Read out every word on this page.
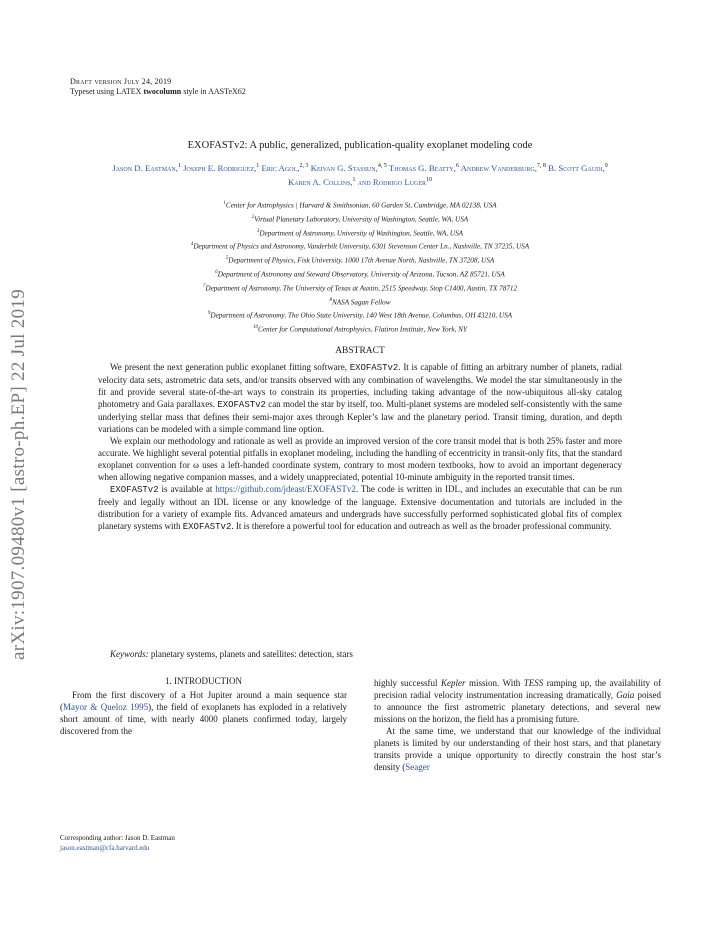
Draft version July 24, 2019
Typeset using LATEX twocolumn style in AASTeX62
arXiv:1907.09480v1 [astro-ph.EP] 22 Jul 2019
EXOFASTv2: A public, generalized, publication-quality exoplanet modeling code
Jason D. Eastman,$^1$ Joseph E. Rodriguez,$^1$ Eric Agol,$^{2, 3}$ Keivan G. Stassun,$^{4, 5}$ Thomas G. Beatty,$^6$ Andrew Vanderburg,$^{7, 8}$ B. Scott Gaudi,$^9$ Karen A. Collins,$^1$ and Rodrigo Luger$^{10}$
$^1$Center for Astrophysics | Harvard & Smithsonian, 60 Garden St, Cambridge, MA 02138, USA
$^2$Virtual Planetary Laboratory, University of Washington, Seattle, WA, USA
$^3$Department of Astronomy, University of Washington, Seattle, WA, USA
$^4$Department of Physics and Astronomy, Vanderbilt University, 6301 Stevenson Center Ln., Nashville, TN 37235, USA
$^5$Department of Physics, Fisk University, 1000 17th Avenue North, Nashville, TN 37208, USA
$^6$Department of Astronomy and Steward Observatory, University of Arizona, Tucson, AZ 85721, USA
$^7$Department of Astronomy, The University of Texas at Austin, 2515 Speedway, Stop C1400, Austin, TX 78712
$^8$NASA Sagan Fellow
$^9$Department of Astronomy, The Ohio State University, 140 West 18th Avenue, Columbus, OH 43210, USA
$^{10}$Center for Computational Astrophysics, Flatiron Institute, New York, NY
ABSTRACT

We present the next generation public exoplanet fitting software, EXOFASTv2. It is capable of fitting an arbitrary number of planets, radial velocity data sets, astrometric data sets, and/or transits observed with any combination of wavelengths. We model the star simultaneously in the fit and provide several state-of-the-art ways to constrain its properties, including taking advantage of the now-ubiquitous all-sky catalog photometry and Gaia parallaxes. EXOFASTv2 can model the star by itself, too. Multi-planet systems are modeled self-consistently with the same underlying stellar mass that defines their semi-major axes through Kepler’s law and the planetary period. Transit timing, duration, and depth variations can be modeled with a simple command line option.

We explain our methodology and rationale as well as provide an improved version of the core transit model that is both 25% faster and more accurate. We highlight several potential pitfalls in exoplanet modeling, including the handling of eccentricity in transit-only fits, that the standard exoplanet convention for ω uses a left-handed coordinate system, contrary to most modern textbooks, how to avoid an important degeneracy when allowing negative companion masses, and a widely unappreciated, potential 10-minute ambiguity in the reported transit times.

EXOFASTv2 is available at https://github.com/jdeast/EXOFASTv2. The code is written in IDL, and includes an executable that can be run freely and legally without an IDL license or any knowledge of the language. Extensive documentation and tutorials are included in the distribution for a variety of example fits. Advanced amateurs and undergrads have successfully performed sophisticated global fits of complex planetary systems with EXOFASTv2. It is therefore a powerful tool for education and outreach as well as the broader professional community.

Keywords: planetary systems, planets and satellites: detection, stars
1. INTRODUCTION

From the first discovery of a Hot Jupiter around a main sequence star (Mayor & Queloz 1995), the field of exoplanets has exploded in a relatively short amount of time, with nearly 4000 planets confirmed today, largely discovered from the

highly successful Kepler mission. With TESS ramping up, the availability of precision radial velocity instrumentation increasing dramatically, Gaia poised to announce the first astrometric planetary detections, and several new missions on the horizon, the field has a promising future.

At the same time, we understand that our knowledge of the individual planets is limited by our understanding of their host stars, and that planetary transits provide a unique opportunity to directly constrain the host star’s density (Seager

Corresponding author: Jason D. Eastman
jason.eastman@cfa.harvard.edu
